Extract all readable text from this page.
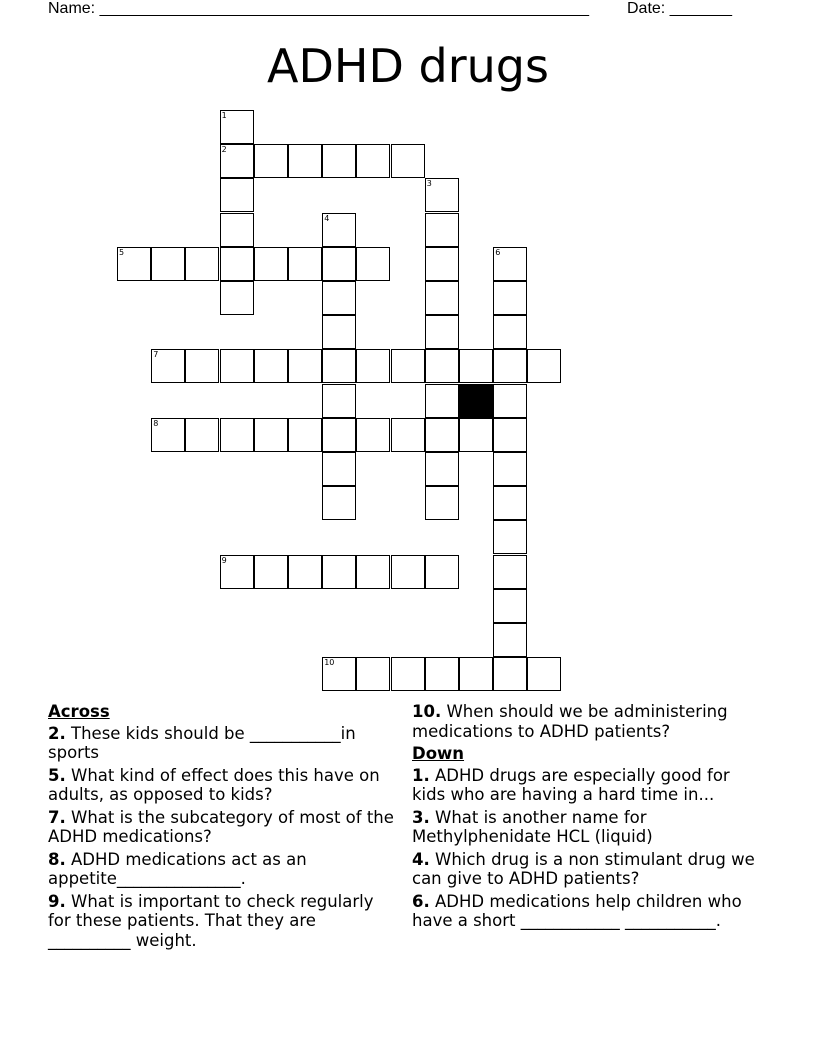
Name: _______________________________________________________ Date: _______
ADHD drugs
1
2
3
4
5	6
7
8
9
10
Across
2. These kids should be ___________in sports
5. What kind of effect does this have on adults, as opposed to kids?
7. What is the subcategory of most of the ADHD medications?
8. ADHD medications act as an appetite_______________.
9. What is important to check regularly for these patients. That they are __________ weight.
10. When should we be administering medications to ADHD patients?
Down
1. ADHD drugs are especially good for kids who are having a hard time in...
3. What is another name for Methylphenidate HCL (liquid)
4. Which drug is a non stimulant drug we can give to ADHD patients?
6. ADHD medications help children who have a short ____________ ___________.
